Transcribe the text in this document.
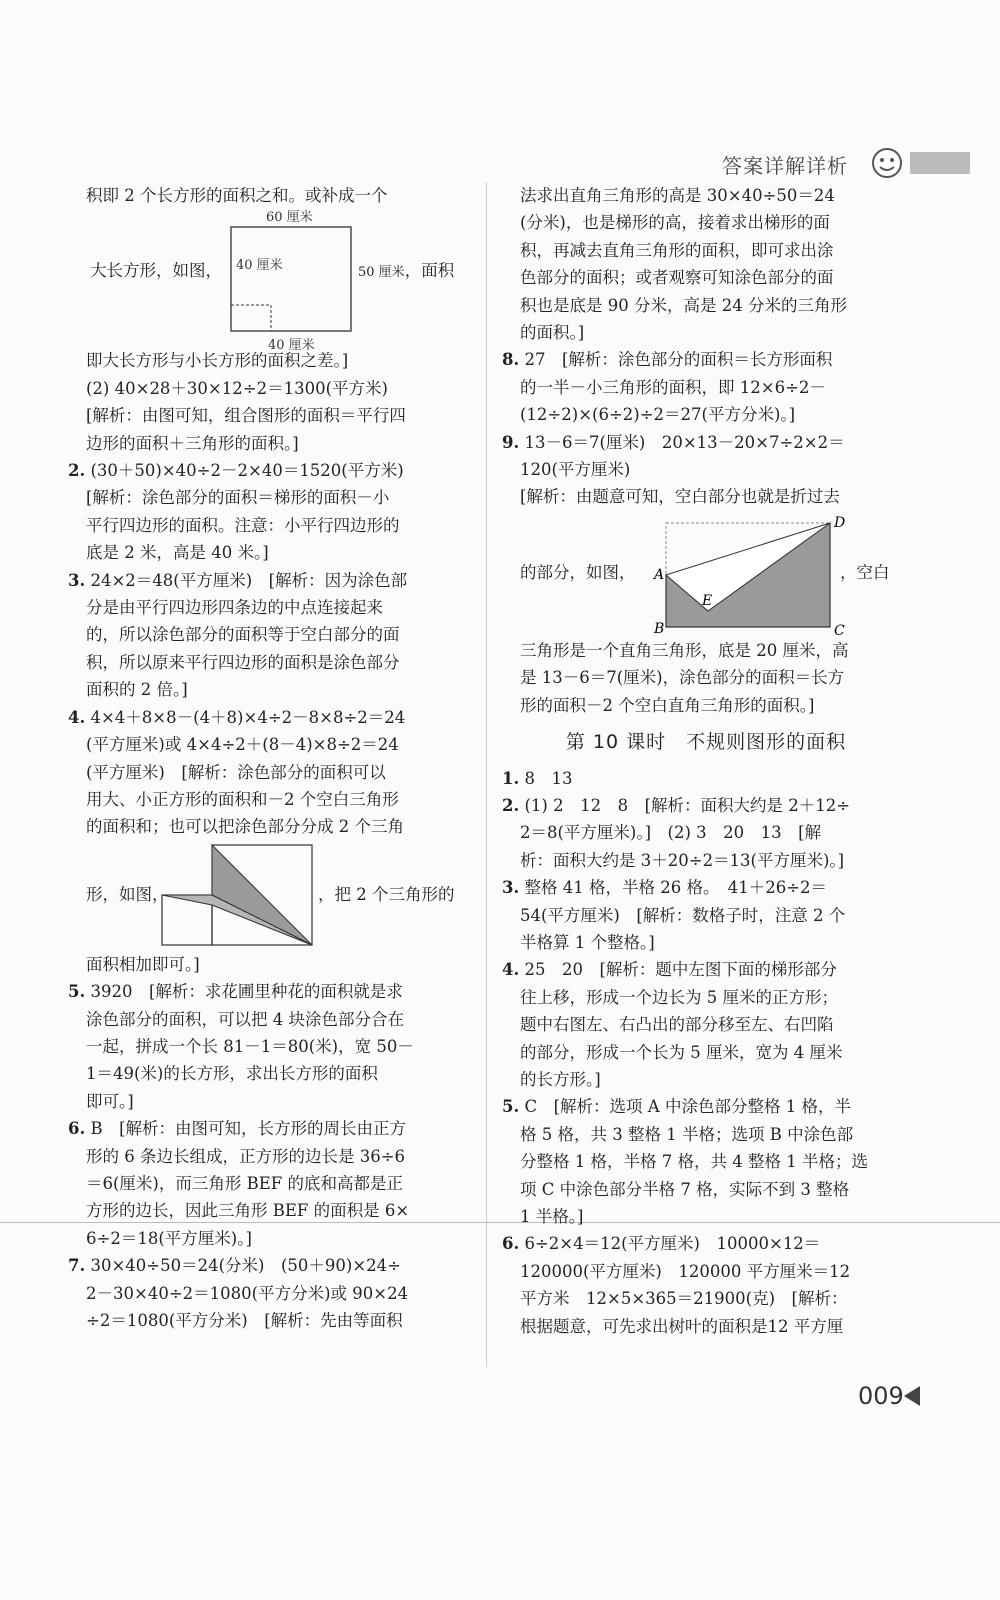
答案详解详析

积即 2 个长方形的面积之和。或补成一个

大长方形，如图，

60 厘米
40 厘米
40 厘米

50 厘米，面积

即大长方形与小长方形的面积之差。]

(2) 40×28＋30×12÷2＝1300(平方米)

[解析：由图可知，组合图形的面积＝平行四

边形的面积＋三角形的面积。]

2. (30＋50)×40÷2－2×40＝1520(平方米)

[解析：涂色部分的面积＝梯形的面积－小

平行四边形的面积。注意：小平行四边形的

底是 2 米，高是 40 米。]

3. 24×2＝48(平方厘米)　[解析：因为涂色部

分是由平行四边形四条边的中点连接起来

的，所以涂色部分的面积等于空白部分的面

积，所以原来平行四边形的面积是涂色部分

面积的 2 倍。]

4. 4×4＋8×8－(4＋8)×4÷2－8×8÷2＝24

(平方厘米)或 4×4÷2＋(8－4)×8÷2＝24

(平方厘米)　[解析：涂色部分的面积可以

用大、小正方形的面积和－2 个空白三角形

的面积和；也可以把涂色部分分成 2 个三角

形，如图，	，把 2 个三角形的

面积相加即可。]

5. 3920　[解析：求花圃里种花的面积就是求

涂色部分的面积，可以把 4 块涂色部分合在

一起，拼成一个长 81－1＝80(米)，宽 50－

1＝49(米)的长方形，求出长方形的面积

即可。]

6. B　[解析：由图可知，长方形的周长由正方

形的 6 条边长组成，正方形的边长是 36÷6

＝6(厘米)，而三角形 BEF 的底和高都是正

方形的边长，因此三角形 BEF 的面积是 6×

6÷2＝18(平方厘米)。]

7. 30×40÷50＝24(分米)　(50＋90)×24÷

2－30×40÷2＝1080(平方分米)或 90×24

÷2＝1080(平方分米)　[解析：先由等面积

法求出直角三角形的高是 30×40÷50＝24

(分米)，也是梯形的高，接着求出梯形的面

积，再减去直角三角形的面积，即可求出涂

色部分的面积；或者观察可知涂色部分的面

积也是底是 90 分米，高是 24 分米的三角形

的面积。]

8. 27　[解析：涂色部分的面积＝长方形面积

的一半－小三角形的面积，即 12×6÷2－

(12÷2)×(6÷2)÷2＝27(平方分米)。]

9. 13－6＝7(厘米)　20×13－20×7÷2×2＝

120(平方厘米)

[解析：由题意可知，空白部分也就是折过去

的部分，如图， A
B	C
D
E

，空白

三角形是一个直角三角形，底是 20 厘米，高

是 13－6＝7(厘米)，涂色部分的面积＝长方

形的面积－2 个空白直角三角形的面积。]

第 10 课时　不规则图形的面积

1. 8　13

2. (1) 2　12　8　[解析：面积大约是 2＋12÷

2＝8(平方厘米)。]　(2) 3　20　13　[解

析：面积大约是 3＋20÷2＝13(平方厘米)。]

3. 整格 41 格，半格 26 格。　41＋26÷2＝

54(平方厘米)　[解析：数格子时，注意 2 个

半格算 1 个整格。]

4. 25　20　[解析：题中左图下面的梯形部分

往上移，形成一个边长为 5 厘米的正方形；

题中右图左、右凸出的部分移至左、右凹陷

的部分，形成一个长为 5 厘米，宽为 4 厘米

的长方形。]

5. C　[解析：选项 A 中涂色部分整格 1 格，半

格 5 格，共 3 整格 1 半格；选项 B 中涂色部

分整格 1 格，半格 7 格，共 4 整格 1 半格；选

项 C 中涂色部分半格 7 格，实际不到 3 整格

1 半格。]

6. 6÷2×4＝12(平方厘米)　10000×12＝

120000(平方厘米)　120000 平方厘米＝12

平方米　12×5×365＝21900(克)　[解析：

根据题意，可先求出树叶的面积是12 平方厘

009
